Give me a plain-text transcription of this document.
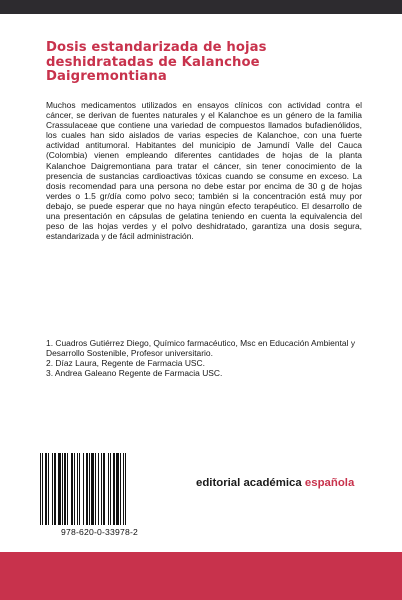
Dosis estandarizada de hojas
deshidratadas de Kalanchoe
Daigremontiana

Muchos medicamentos utilizados en ensayos clínicos con actividad contra el cáncer, se derivan de fuentes naturales y el Kalanchoe es un género de la familia Crassulaceae que contiene una variedad de compuestos llamados bufadienólidos, los cuales han sido aislados de varias especies de Kalanchoe, con una fuerte actividad antitumoral. Habitantes del municipio de Jamundí Valle del Cauca (Colombia) vienen empleando diferentes cantidades de hojas de la planta Kalanchoe Daigremontiana para tratar el cáncer, sin tener conocimiento de la presencia de sustancias cardioactivas tóxicas cuando se consume en exceso. La dosis recomendad para una persona no debe estar por encima de 30 g de hojas verdes o 1.5 gr/día como polvo seco; también si la concentración está muy por debajo, se puede esperar que no haya ningún efecto terapéutico. El desarrollo de una presentación en cápsulas de gelatina teniendo en cuenta la equivalencia del peso de las hojas verdes y el polvo deshidratado, garantiza una dosis segura, estandarizada y de fácil administración.

1. Cuadros Gutiérrez Diego, Químico farmacéutico, Msc en Educación Ambiental y Desarrollo Sostenible, Profesor universitario.
2. Díaz Laura, Regente de Farmacia USC.
3. Andrea Galeano Regente de Farmacia USC.
978-620-0-33978-2
editorial académica española
